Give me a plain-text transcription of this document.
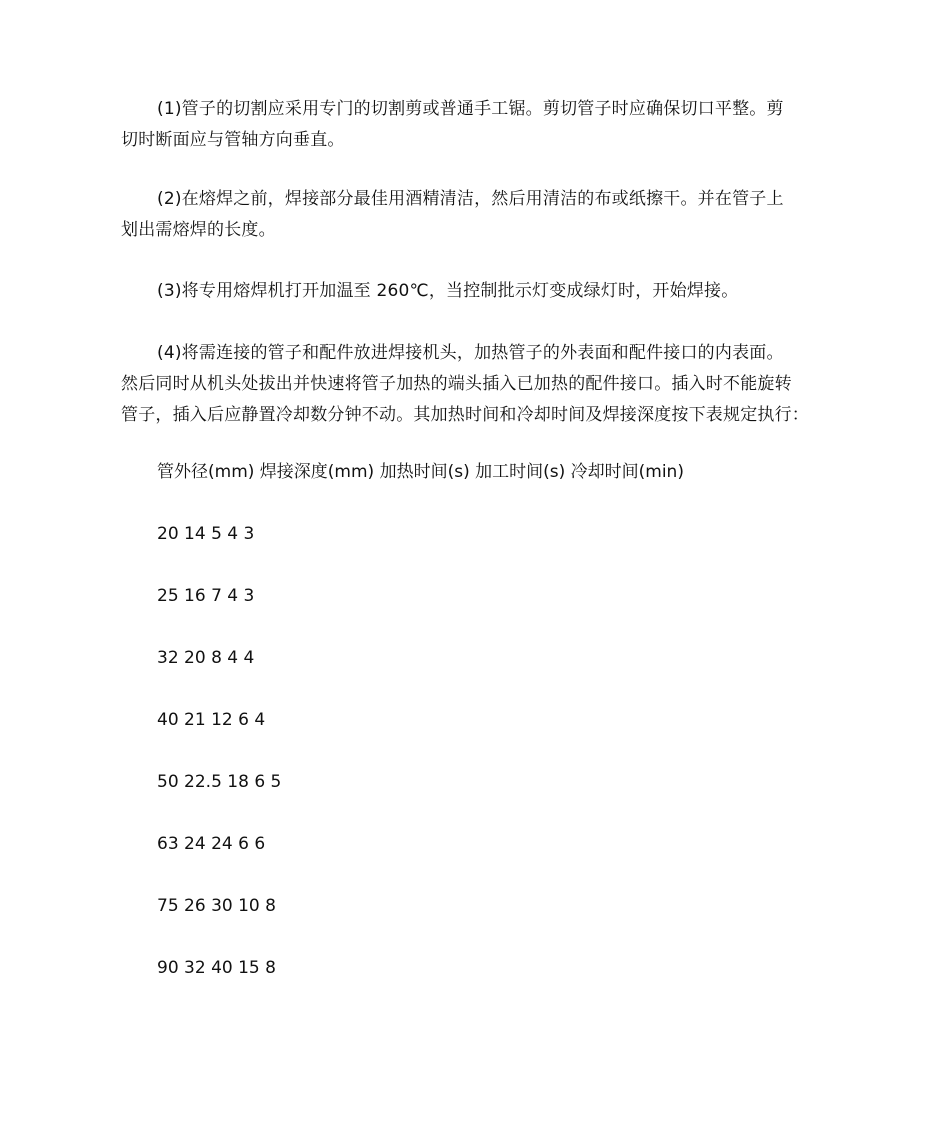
(1)管子的切割应采用专门的切割剪或普通手工锯。剪切管子时应确保切口平整。剪
切时断面应与管轴方向垂直。
(2)在熔焊之前，焊接部分最佳用酒精清洁，然后用清洁的布或纸擦干。并在管子上
划出需熔焊的长度。
(3)将专用熔焊机打开加温至 260℃，当控制批示灯变成绿灯时，开始焊接。
(4)将需连接的管子和配件放进焊接机头，加热管子的外表面和配件接口的内表面。
然后同时从机头处拔出并快速将管子加热的端头插入已加热的配件接口。插入时不能旋转
管子，插入后应静置冷却数分钟不动。其加热时间和冷却时间及焊接深度按下表规定执行：
管外径(mm) 焊接深度(mm) 加热时间(s) 加工时间(s) 冷却时间(min)
20 14 5 4 3
25 16 7 4 3
32 20 8 4 4
40 21 12 6 4
50 22.5 18 6 5
63 24 24 6 6
75 26 30 10 8
90 32 40 15 8
